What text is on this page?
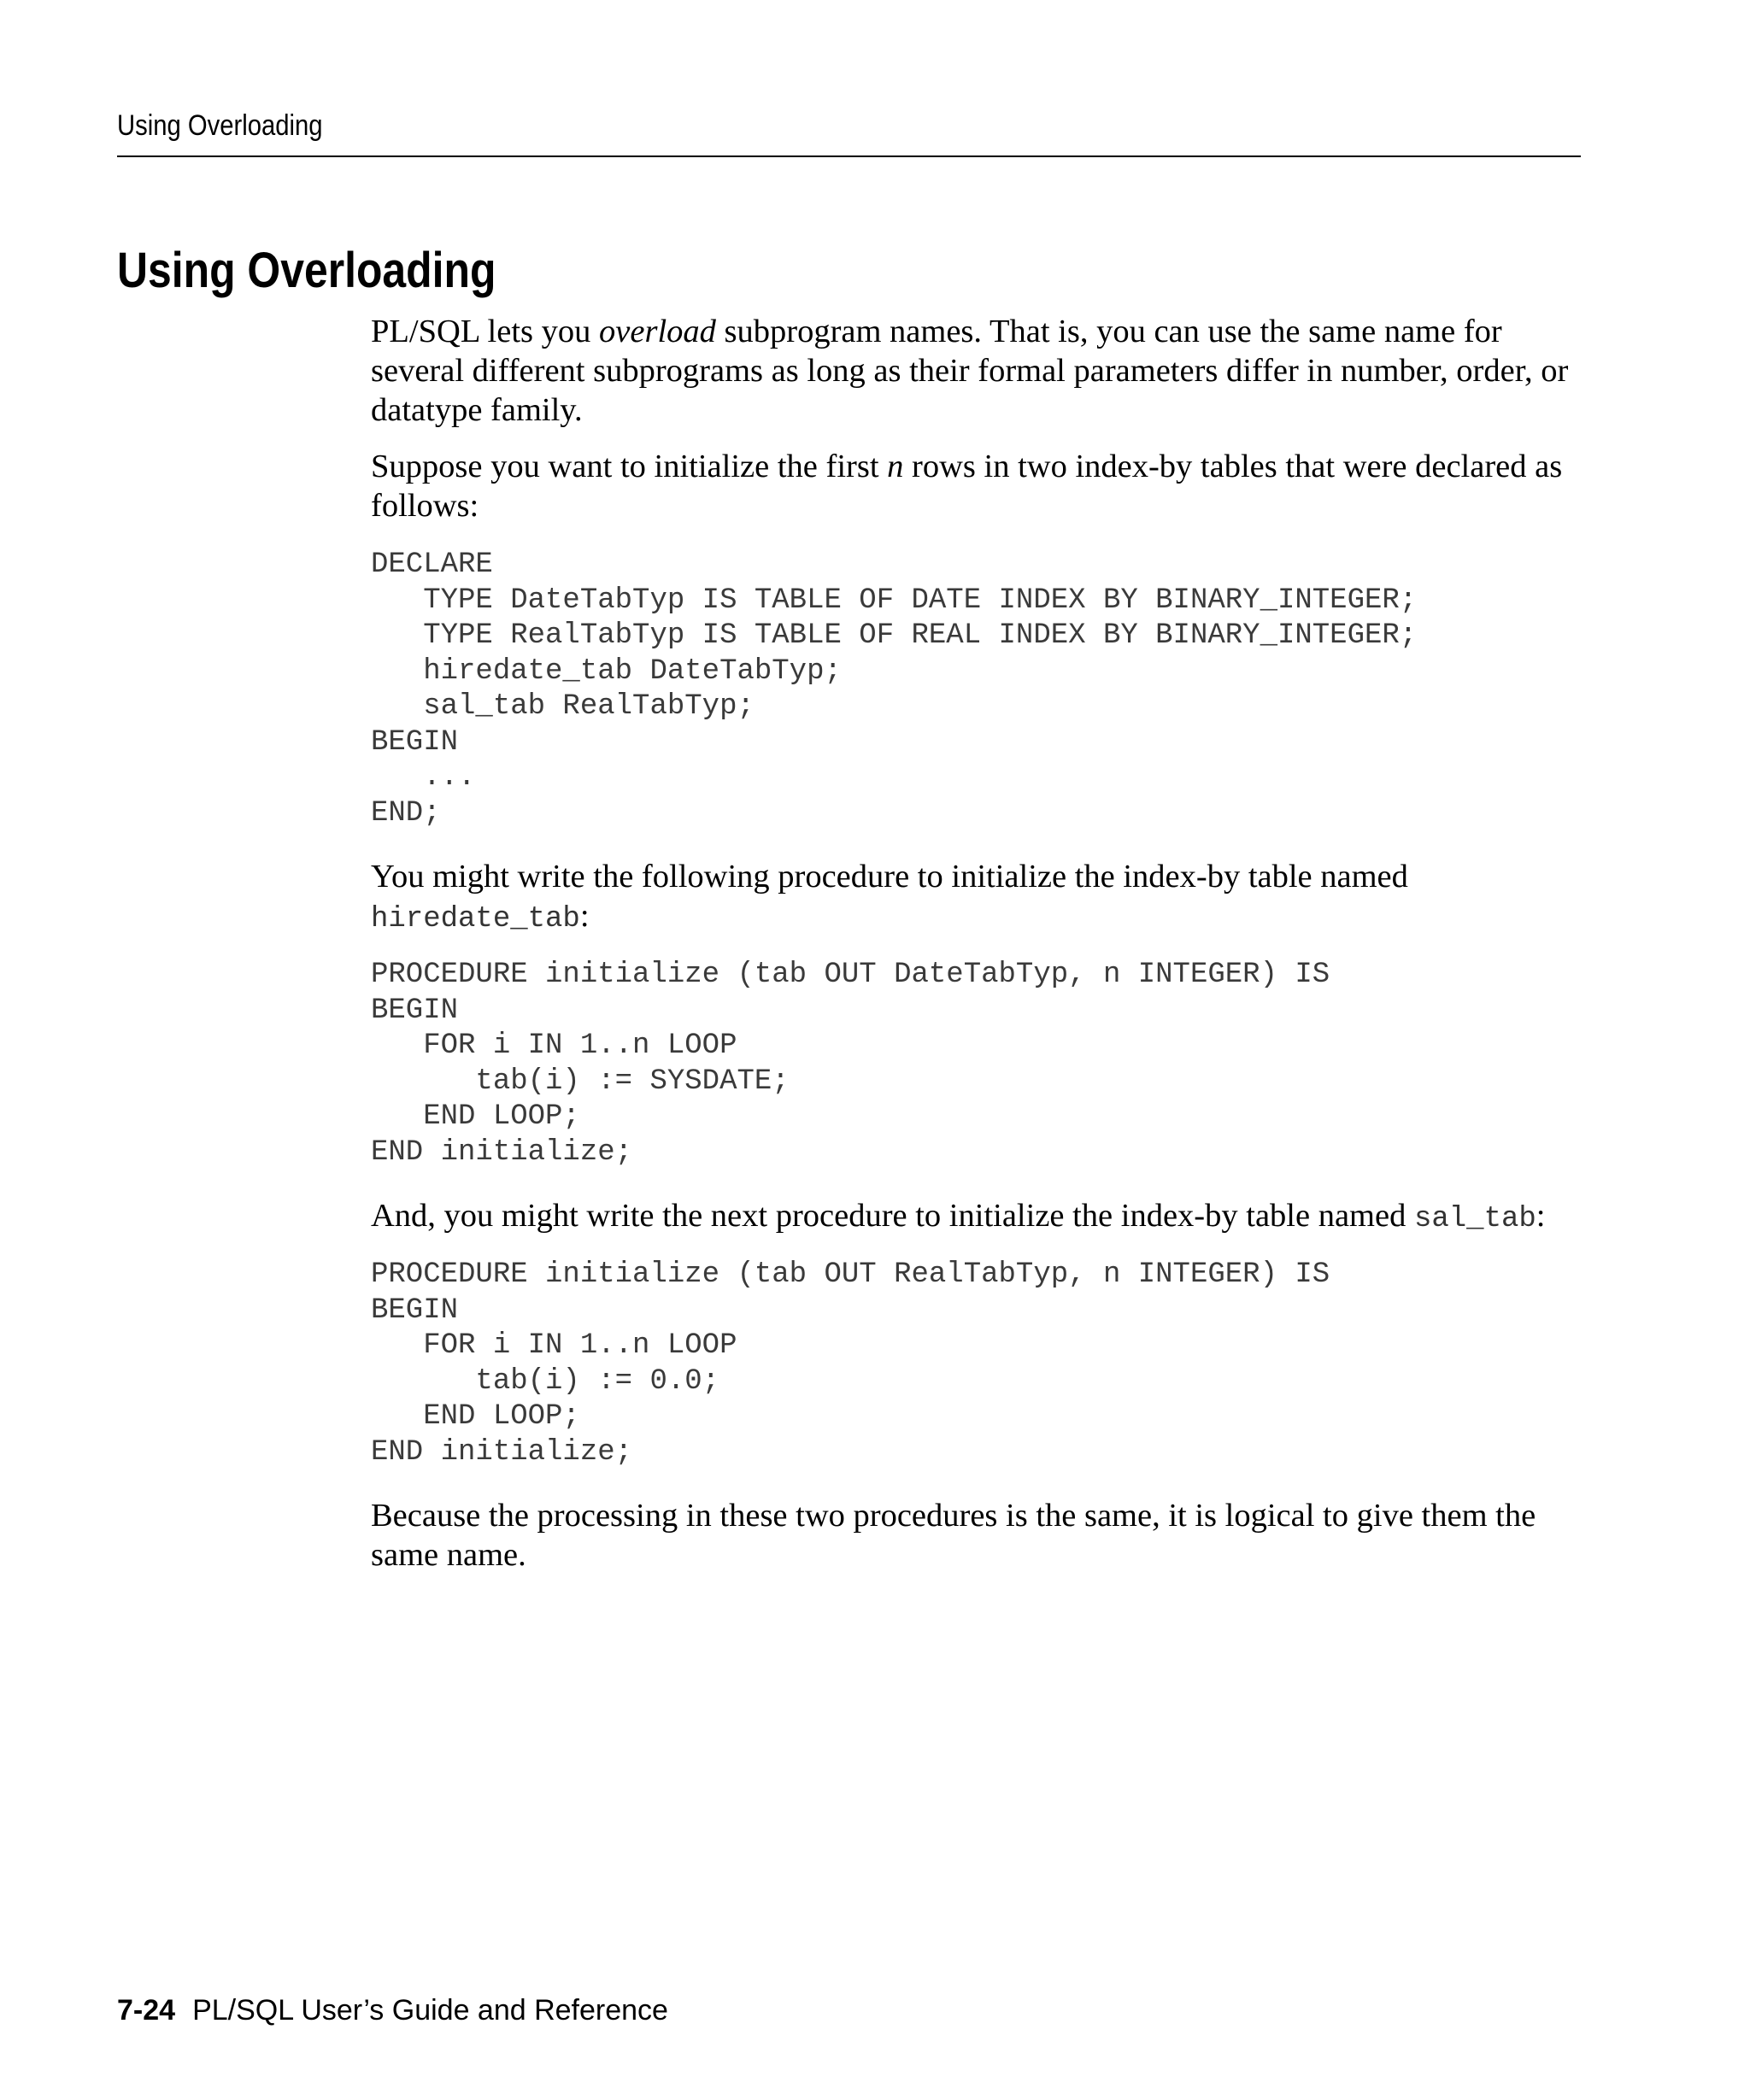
Using Overloading
Using Overloading

PL/SQL lets you overload subprogram names. That is, you can use the same name for several different subprograms as long as their formal parameters differ in number, order, or datatype family.

Suppose you want to initialize the first n rows in two index-by tables that were declared as follows:

DECLARE
TYPE DateTabTyp IS TABLE OF DATE INDEX BY BINARY_INTEGER;
TYPE RealTabTyp IS TABLE OF REAL INDEX BY BINARY_INTEGER;
hiredate_tab DateTabTyp;
sal_tab RealTabTyp;
BEGIN
...
END;

You might write the following procedure to initialize the index-by table named hiredate_tab:

PROCEDURE initialize (tab OUT DateTabTyp, n INTEGER) IS
BEGIN
FOR i IN 1..n LOOP
tab(i) := SYSDATE;
END LOOP;
END initialize;

And, you might write the next procedure to initialize the index-by table named sal_tab:

PROCEDURE initialize (tab OUT RealTabTyp, n INTEGER) IS
BEGIN
FOR i IN 1..n LOOP
tab(i) := 0.0;
END LOOP;
END initialize;

Because the processing in these two procedures is the same, it is logical to give them the same name.

7-24 PL/SQL User’s Guide and Reference
